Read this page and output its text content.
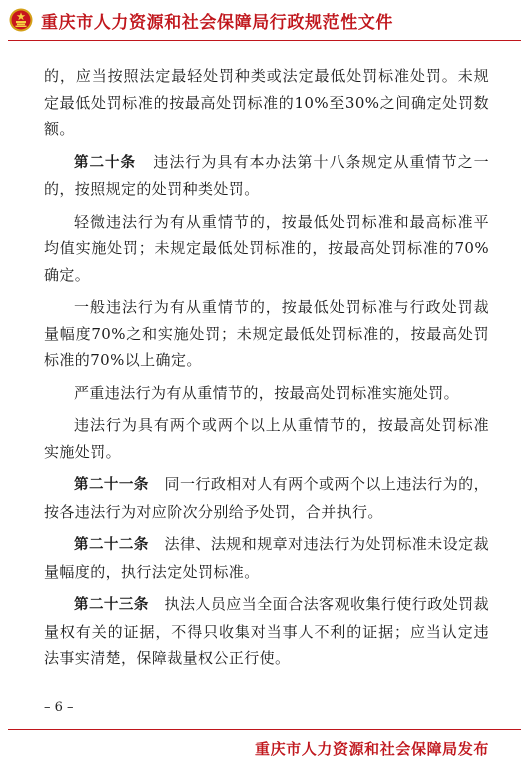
重庆市人力资源和社会保障局行政规范性文件

的，应当按照法定最轻处罚种类或法定最低处罚标准处罚。未规定最低处罚标准的按最高处罚标准的10%至30%之间确定处罚数额。

第二十条 违法行为具有本办法第十八条规定从重情节之一的，按照规定的处罚种类处罚。

轻微违法行为有从重情节的，按最低处罚标准和最高标准平均值实施处罚；未规定最低处罚标准的，按最高处罚标准的70%确定。

一般违法行为有从重情节的，按最低处罚标准与行政处罚裁量幅度70%之和实施处罚；未规定最低处罚标准的，按最高处罚标准的70%以上确定。

严重违法行为有从重情节的，按最高处罚标准实施处罚。

违法行为具有两个或两个以上从重情节的，按最高处罚标准实施处罚。

第二十一条 同一行政相对人有两个或两个以上违法行为的，按各违法行为对应阶次分别给予处罚，合并执行。

第二十二条 法律、法规和规章对违法行为处罚标准未设定裁量幅度的，执行法定处罚标准。

第二十三条 执法人员应当全面合法客观收集行使行政处罚裁量权有关的证据，不得只收集对当事人不利的证据；应当认定违法事实清楚，保障裁量权公正行使。

– 6 –
重庆市人力资源和社会保障局发布
